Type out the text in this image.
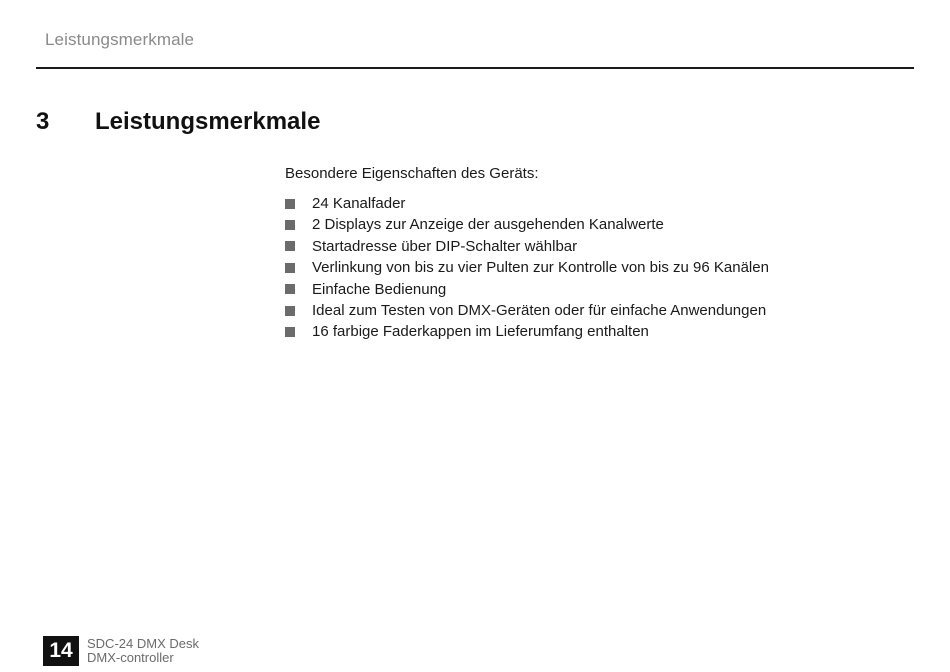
Leistungsmerkmale
3	Leistungsmerkmale

Besondere Eigenschaften des Geräts:

24 Kanalfader
2 Displays zur Anzeige der ausgehenden Kanalwerte
Startadresse über DIP-Schalter wählbar
Verlinkung von bis zu vier Pulten zur Kontrolle von bis zu 96 Kanälen
Einfache Bedienung
Ideal zum Testen von DMX-Geräten oder für einfache Anwendungen
16 farbige Faderkappen im Lieferumfang enthalten
14	SDC-24 DMX Desk
DMX-controller
